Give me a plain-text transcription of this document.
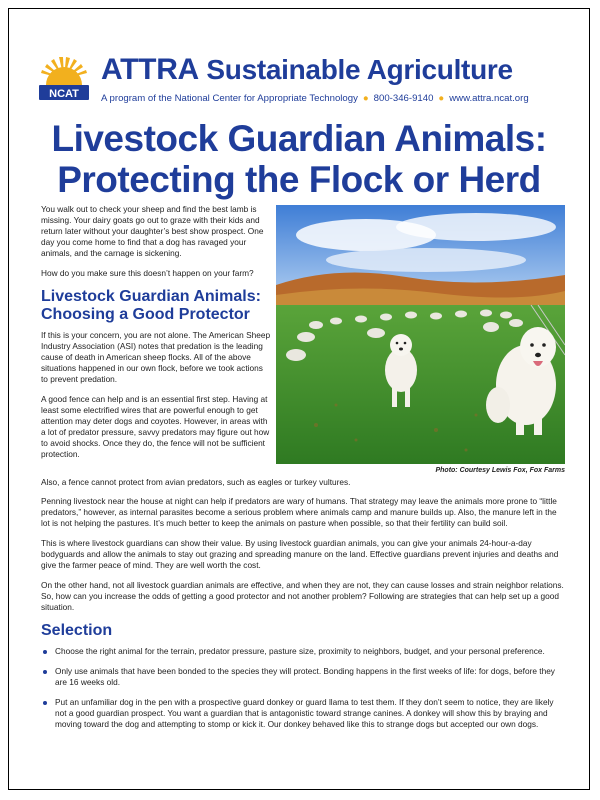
NCAT
ATTRA Sustainable Agriculture
A program of the National Center for Appropriate Technology ● 800-346-9140 ● www.attra.ncat.org
Livestock Guardian Animals:
Protecting the Flock or Herd

You walk out to check your sheep and find the best lamb is missing. Your dairy goats go out to graze with their kids and return later without your daughter’s best show prospect. One day you come home to find that a dog has ravaged your animals, and the carnage is sickening.

How do you make sure this doesn’t happen on your farm?

Livestock Guardian Animals:
Choosing a Good Protector

If this is your concern, you are not alone. The American Sheep Industry Association (ASI) notes that predation is the leading cause of death in American sheep flocks. All of the above situations happened in our own flock, before we took actions to prevent predation.

A good fence can help and is an essential first step. Having at least some electrified wires that are powerful enough to get attention may deter dogs and coyotes. However, in areas with a lot of predator pressure, savvy predators may figure out how to avoid shocks. Once they do, the fence will not be sufficient protection.

Photo: Courtesy Lewis Fox, Fox Farms

Also, a fence cannot protect from avian predators, such as eagles or turkey vultures.

Penning livestock near the house at night can help if predators are wary of humans. That strategy may leave the animals more prone to “little predators,” however, as internal parasites become a serious problem where animals camp and manure builds up. Also, the manure left in the lot is not helping the pastures. It’s much better to keep the animals on pasture when possible, so that their fertility can build soil.

This is where livestock guardians can show their value. By using livestock guardian animals, you can give your animals 24-hour-a-day bodyguards and allow the animals to stay out grazing and spreading manure on the land. Effective guardians prevent injuries and deaths and give the farmer peace of mind. They are well worth the cost.

On the other hand, not all livestock guardian animals are effective, and when they are not, they can cause losses and strain neighbor relations. So, how can you increase the odds of getting a good protector and not another problem? Following are strategies that can help set up a good situation.

Selection
Choose the right animal for the terrain, predator pressure, pasture size, proximity to neighbors, budget, and your personal preference.
Only use animals that have been bonded to the species they will protect. Bonding happens in the first weeks of life: for dogs, before they are 16 weeks old.
Put an unfamiliar dog in the pen with a prospective guard donkey or guard llama to test them. If they don’t seem to notice, they are likely not a good guardian prospect. You want a guardian that is antagonistic toward strange canines. A donkey will show this by braying and moving toward the dog and attempting to stomp or kick it. Our donkey behaved like this to strange dogs but accepted our own dogs.
